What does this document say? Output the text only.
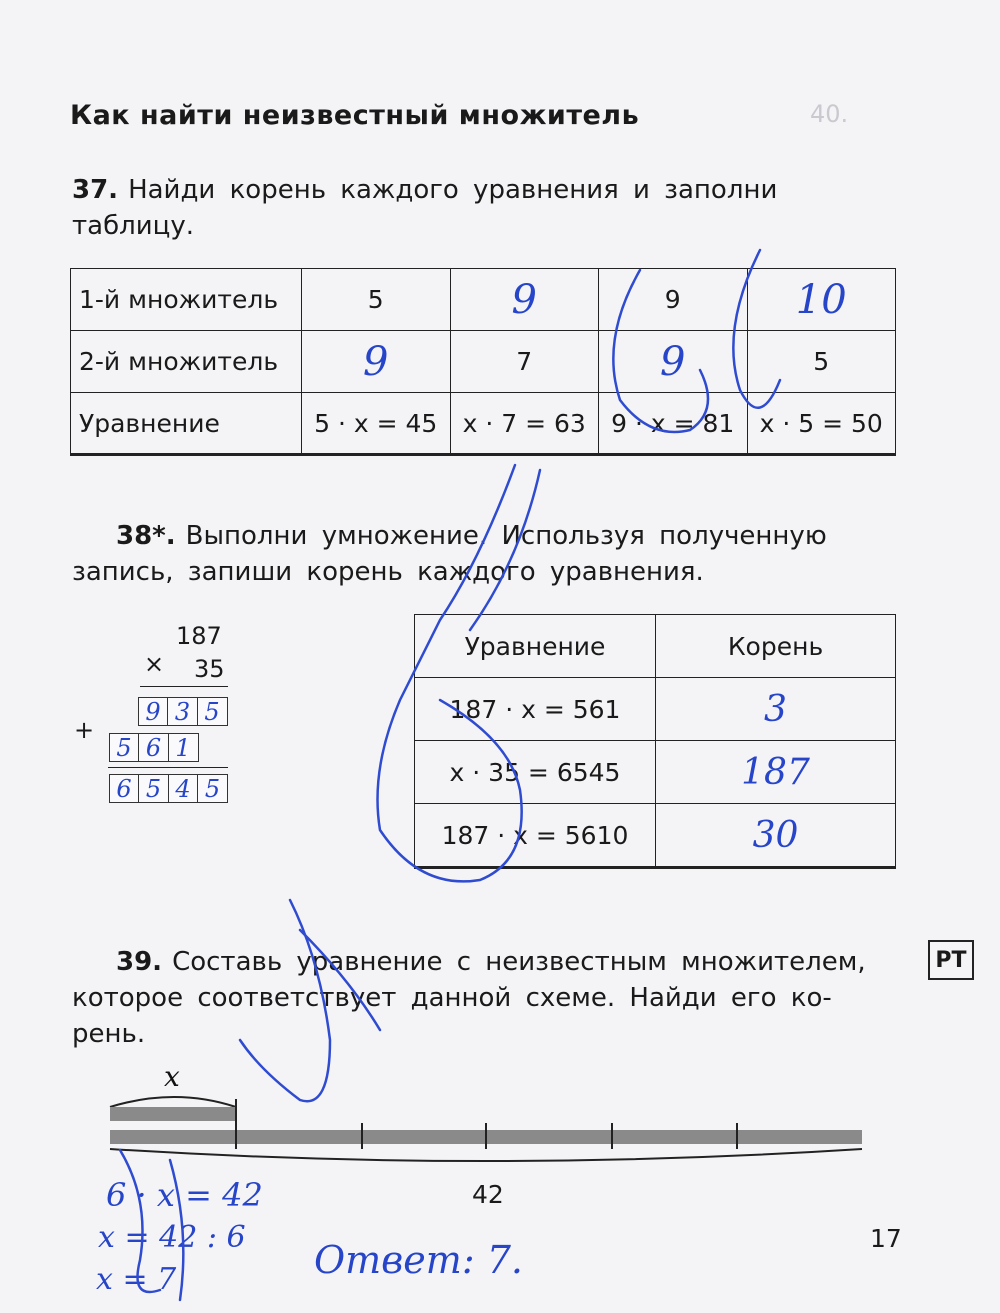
40.
Как найти неизвестный множитель
37. Найди корень каждого уравнения и заполни
таблицу.
1-й множитель	5	9	9	10
2-й множитель	9	7	9	5
Уравнение	5 · x = 45	x · 7 = 63	9 · x = 81	x · 5 = 50
38*. Выполни умножение. Используя полученную
запись, запиши корень каждого уравнения.
187
× 35
+
9 3 5
5 6 1
6 5 4 5
Уравнение	Корень
187 · x = 561	3
x · 35 = 6545	187
187 · x = 5610	30
39. Составь уравнение с неизвестным множителем,
которое соответствует данной схеме. Найди его ко-
рень.
РТ
x
42
6 · x = 42
x = 42 : 6
x = 7	Ответ: 7.	17
